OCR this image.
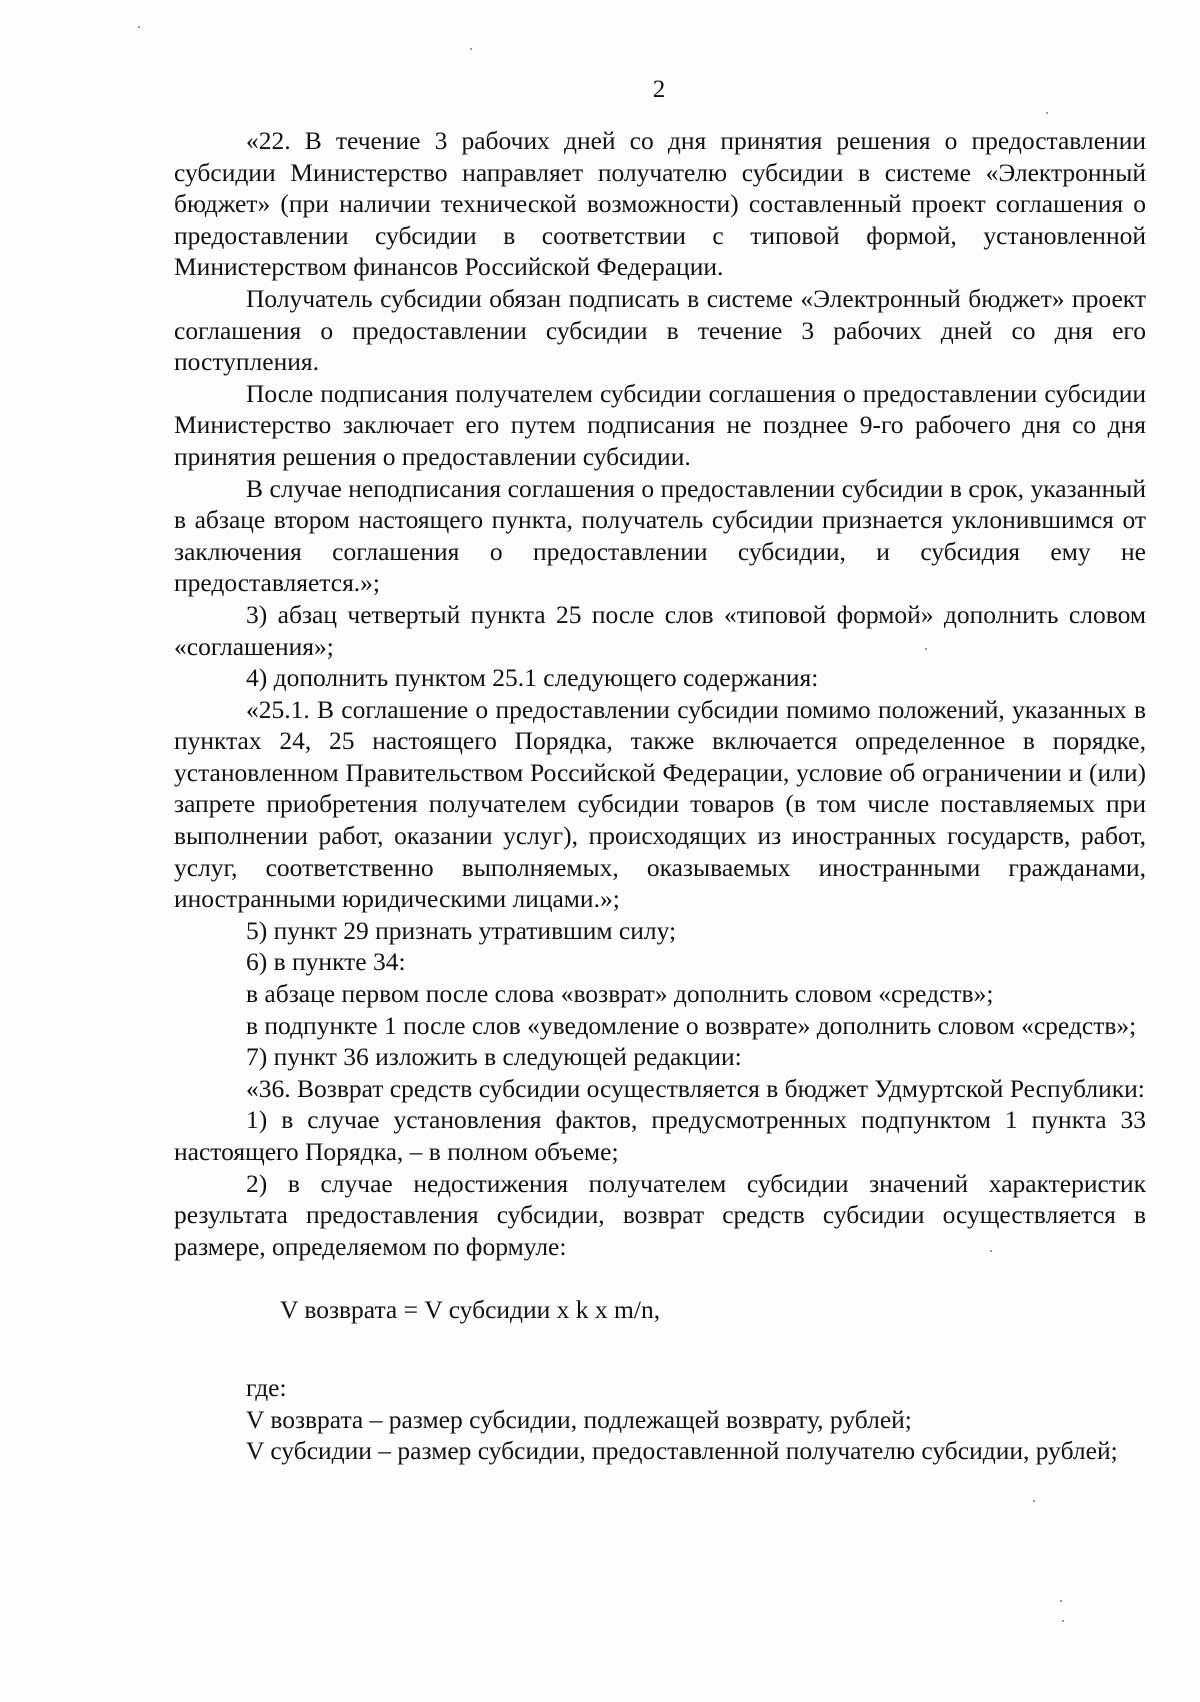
2

«22. В течение 3 рабочих дней со дня принятия решения о предоставлении субсидии Министерство направляет получателю субсидии в системе «Электронный бюджет» (при наличии технической возможности) составленный проект соглашения о предоставлении субсидии в соответствии с типовой формой, установленной Министерством финансов Российской Федерации.

Получатель субсидии обязан подписать в системе «Электронный бюджет» проект соглашения о предоставлении субсидии в течение 3 рабочих дней со дня его поступления.

После подписания получателем субсидии соглашения о предоставлении субсидии Министерство заключает его путем подписания не позднее 9-го рабочего дня со дня принятия решения о предоставлении субсидии.

В случае неподписания соглашения о предоставлении субсидии в срок, указанный в абзаце втором настоящего пункта, получатель субсидии признается уклонившимся от заключения соглашения о предоставлении субсидии, и субсидия ему не предоставляется.»;

3) абзац четвертый пункта 25 после слов «типовой формой» дополнить словом «соглашения»;

4) дополнить пунктом 25.1 следующего содержания:

«25.1. В соглашение о предоставлении субсидии помимо положений, указанных в пунктах 24, 25 настоящего Порядка, также включается определенное в порядке, установленном Правительством Российской Федерации, условие об ограничении и (или) запрете приобретения получателем субсидии товаров (в том числе поставляемых при выполнении работ, оказании услуг), происходящих из иностранных государств, работ, услуг, соответственно выполняемых, оказываемых иностранными гражданами, иностранными юридическими лицами.»;

5) пункт 29 признать утратившим силу;

6) в пункте 34:

в абзаце первом после слова «возврат» дополнить словом «средств»;

в подпункте 1 после слов «уведомление о возврате» дополнить словом «средств»;

7) пункт 36 изложить в следующей редакции:

«36. Возврат средств субсидии осуществляется в бюджет Удмуртской Республики:

1) в случае установления фактов, предусмотренных подпунктом 1 пункта 33 настоящего Порядка, – в полном объеме;

2) в случае недостижения получателем субсидии значений характеристик результата предоставления субсидии, возврат средств субсидии осуществляется в размере, определяемом по формуле:

V возврата = V субсидии x k x m/n,

где:

V возврата – размер субсидии, подлежащей возврату, рублей;

V субсидии – размер субсидии, предоставленной получателю субсидии, рублей;
